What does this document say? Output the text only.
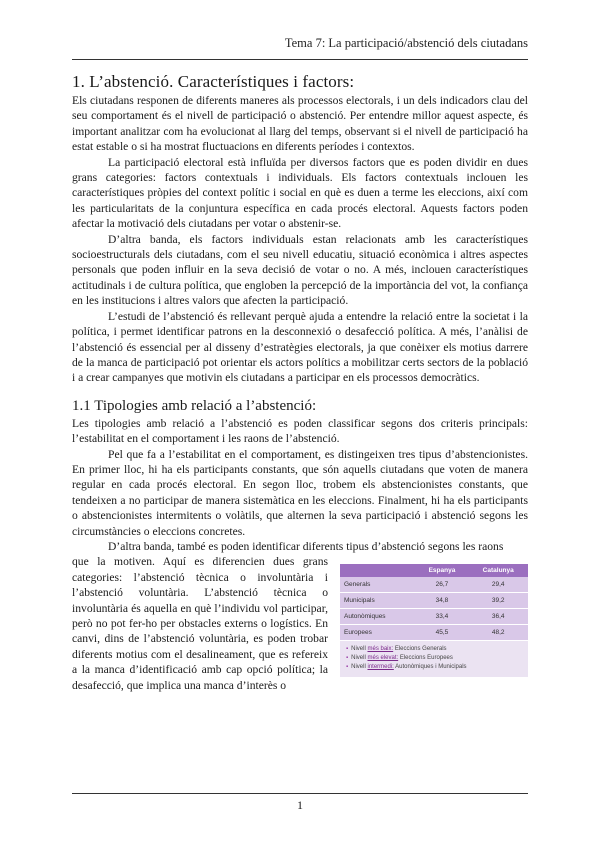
Tema 7: La participació/abstenció dels ciutadans
1. L’abstenció. Característiques i factors:

Els ciutadans responen de diferents maneres als processos electorals, i un dels indicadors clau del seu comportament és el nivell de participació o abstenció. Per entendre millor aquest aspecte, és important analitzar com ha evolucionat al llarg del temps, observant si el nivell de participació ha estat estable o si ha mostrat fluctuacions en diferents períodes i contextos.

La participació electoral està influïda per diversos factors que es poden dividir en dues grans categories: factors contextuals i individuals. Els factors contextuals inclouen les característiques pròpies del context polític i social en què es duen a terme les eleccions, així com les particularitats de la conjuntura específica en cada procés electoral. Aquests factors poden afectar la motivació dels ciutadans per votar o abstenir-se.

D’altra banda, els factors individuals estan relacionats amb les característiques socioestructurals dels ciutadans, com el seu nivell educatiu, situació econòmica i altres aspectes personals que poden influir en la seva decisió de votar o no. A més, inclouen característiques actitudinals i de cultura política, que engloben la percepció de la importància del vot, la confiança en les institucions i altres valors que afecten la participació.

L’estudi de l’abstenció és rellevant perquè ajuda a entendre la relació entre la societat i la política, i permet identificar patrons en la desconnexió o desafecció política. A més, l’anàlisi de l’abstenció és essencial per al disseny d’estratègies electorals, ja que conèixer els motius darrere de la manca de participació pot orientar els actors polítics a mobilitzar certs sectors de la població i a crear campanyes que motivin els ciutadans a participar en els processos democràtics.

1.1 Tipologies amb relació a l’abstenció:

Les tipologies amb relació a l’abstenció es poden classificar segons dos criteris principals: l’estabilitat en el comportament i les raons de l’abstenció.

Pel que fa a l’estabilitat en el comportament, es distingeixen tres tipus d’abstencionistes. En primer lloc, hi ha els participants constants, que són aquells ciutadans que voten de manera regular en cada procés electoral. En segon lloc, trobem els abstencionistes constants, que tendeixen a no participar de manera sistemàtica en les eleccions. Finalment, hi ha els participants o abstencionistes intermitents o volàtils, que alternen la seva participació i abstenció segons les circumstàncies o eleccions concretes.

D’altra banda, també es poden identificar diferents tipus d’abstenció segons les raons

	Espanya	Catalunya
Generals	26,7	29,4
Municipals	34,8	39,2
Autonòmiques	33,4	36,4
Europees	45,5	48,2
▪ Nivell més baix: Eleccions Generals
▪ Nivell més elevat: Eleccions Europees
▪ Nivell intermedi: Autonòmiques i Municipals

que la motiven. Aquí es diferencien dues grans categories: l’abstenció tècnica o involuntària i l’abstenció voluntària. L’abstenció tècnica o involuntària és aquella en què l’individu vol participar, però no pot fer-ho per obstacles externs o logístics. En canvi, dins de l’abstenció voluntària, es poden trobar diferents motius com el desalineament, que es refereix a la manca d’identificació amb cap opció política; la desafecció, que implica una manca d’interès o

1
